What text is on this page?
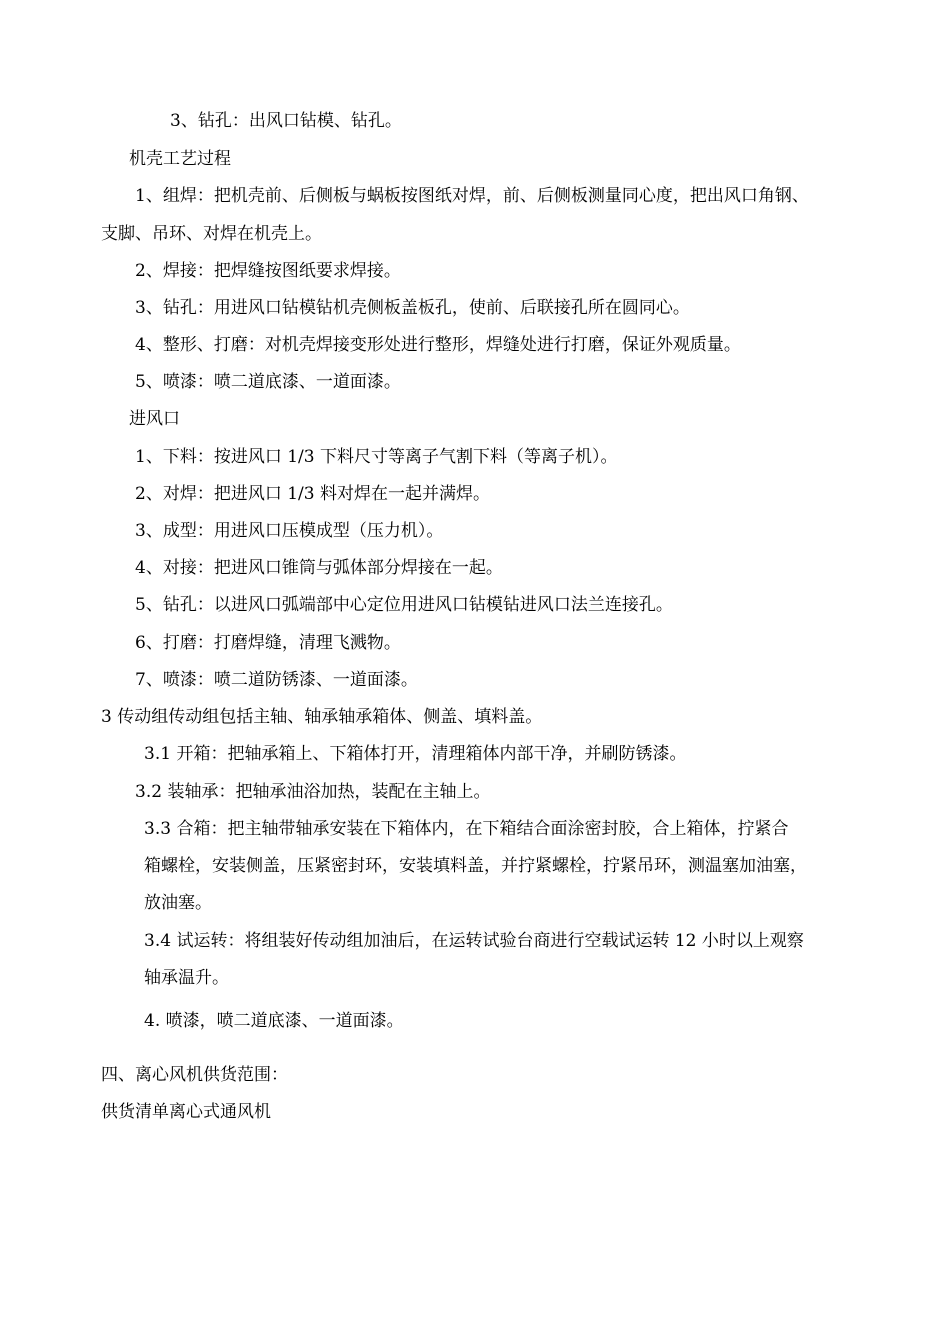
3、钻孔：出风口钻模、钻孔。
机壳工艺过程
1、组焊：把机壳前、后侧板与蜗板按图纸对焊，前、后侧板测量同心度，把出风口角钢、
支脚、吊环、对焊在机壳上。
2、焊接：把焊缝按图纸要求焊接。
3、钻孔：用进风口钻模钻机壳侧板盖板孔，使前、后联接孔所在圆同心。
4、整形、打磨：对机壳焊接变形处进行整形，焊缝处进行打磨，保证外观质量。
5、喷漆：喷二道底漆、一道面漆。
进风口
1、下料：按进风口 1/3 下料尺寸等离子气割下料（等离子机）。
2、对焊：把进风口 1/3 料对焊在一起并满焊。
3、成型：用进风口压模成型（压力机）。
4、对接：把进风口锥筒与弧体部分焊接在一起。
5、钻孔：以进风口弧端部中心定位用进风口钻模钻进风口法兰连接孔。
6、打磨：打磨焊缝，清理飞溅物。
7、喷漆：喷二道防锈漆、一道面漆。
3 传动组传动组包括主轴、轴承轴承箱体、侧盖、填料盖。
3.1 开箱：把轴承箱上、下箱体打开，清理箱体内部干净，并刷防锈漆。
3.2 装轴承：把轴承油浴加热，装配在主轴上。
3.3 合箱：把主轴带轴承安装在下箱体内，在下箱结合面涂密封胶，合上箱体，拧紧合
箱螺栓，安装侧盖，压紧密封环，安装填料盖，并拧紧螺栓，拧紧吊环，测温塞加油塞，
放油塞。
3.4 试运转：将组装好传动组加油后，在运转试验台商进行空载试运转 12 小时以上观察
轴承温升。
4. 喷漆，喷二道底漆、一道面漆。
四、离心风机供货范围：
供货清单离心式通风机
